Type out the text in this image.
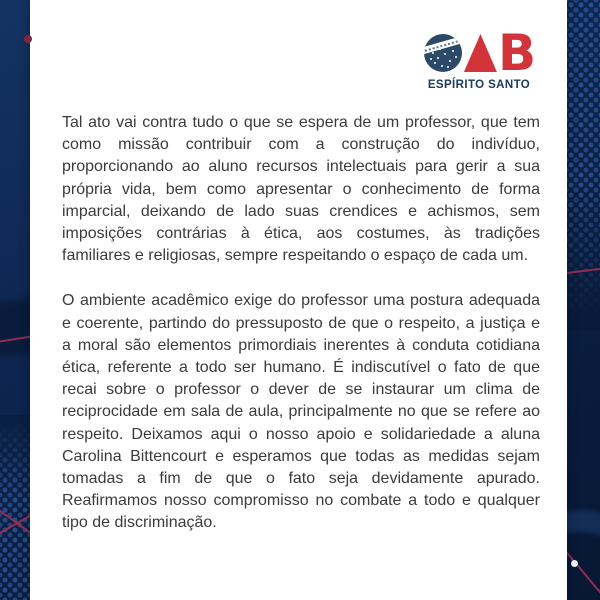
B
ESPÍRITO SANTO

Tal ato vai contra tudo o que se espera de um professor, que tem como missão contribuir com a construção do indivíduo, proporcionando ao aluno recursos intelectuais para gerir a sua própria vida, bem como apresentar o conhecimento de forma imparcial, deixando de lado suas crendices e achismos, sem imposições contrárias à ética, aos costumes, às tradições familiares e religiosas, sempre respeitando o espaço de cada um.

O ambiente acadêmico exige do professor uma postura adequada e coerente, partindo do pressuposto de que o respeito, a justiça e a moral são elementos primordiais inerentes à conduta cotidiana ética, referente a todo ser humano. É indiscutível o fato de que recai sobre o professor o dever de se instaurar um clima de reciprocidade em sala de aula, principalmente no que se refere ao respeito. Deixamos aqui o nosso apoio e solidariedade a aluna Carolina Bittencourt e esperamos que todas as medidas sejam tomadas a fim de que o fato seja devidamente apurado. Reafirmamos nosso compromisso no combate a todo e qualquer tipo de discriminação.
